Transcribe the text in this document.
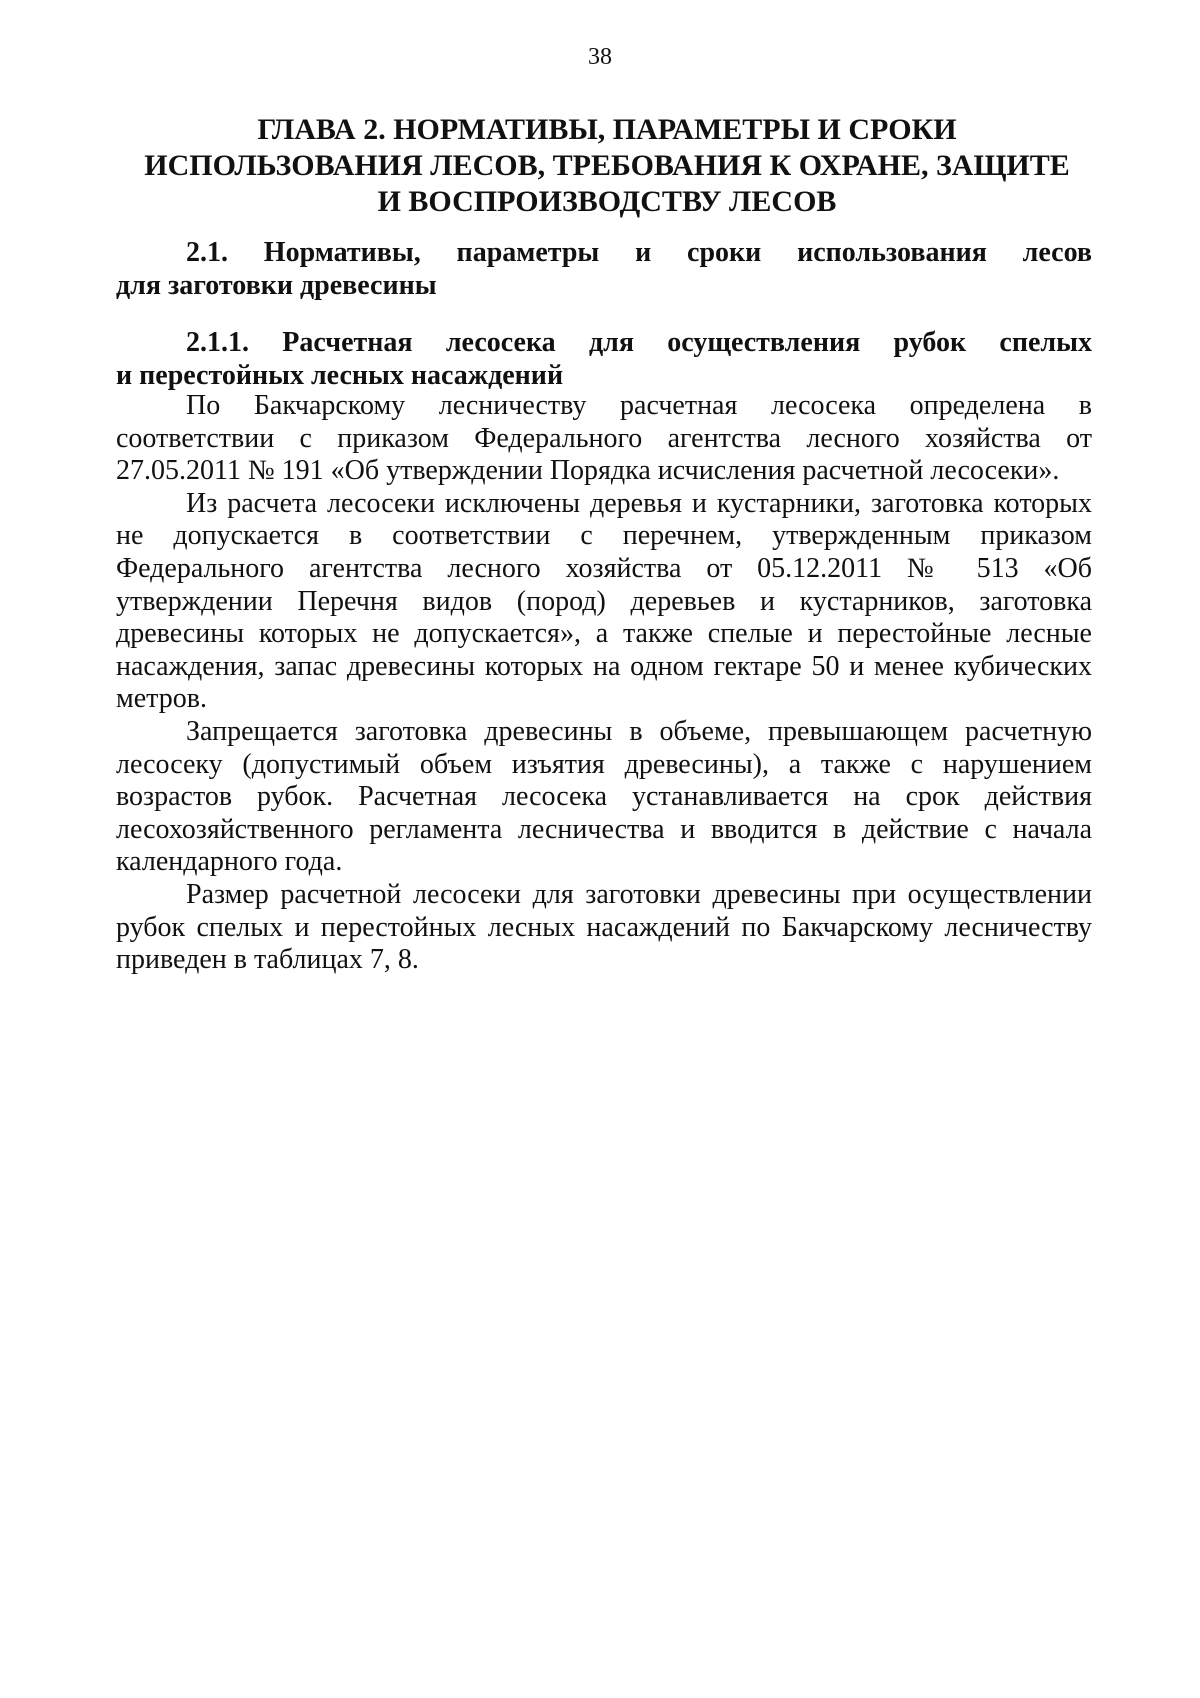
38
ГЛАВА 2. НОРМАТИВЫ, ПАРАМЕТРЫ И СРОКИ
ИСПОЛЬЗОВАНИЯ ЛЕСОВ, ТРЕБОВАНИЯ К ОХРАНЕ, ЗАЩИТЕ
И ВОСПРОИЗВОДСТВУ ЛЕСОВ
2.1. Нормативы, параметры и сроки использования лесов
для заготовки древесины
2.1.1. Расчетная лесосека для осуществления рубок спелых
и перестойных лесных насаждений

По Бакчарскому лесничеству расчетная лесосека определена в соответствии с приказом Федерального агентства лесного хозяйства от 27.05.2011 № 191 «Об утверждении Порядка исчисления расчетной лесосеки».

Из расчета лесосеки исключены деревья и кустарники, заготовка которых не допускается в соответствии с перечнем, утвержденным приказом Федерального агентства лесного хозяйства от 05.12.2011 № 513 «Об утверждении Перечня видов (пород) деревьев и кустарников, заготовка древесины которых не допускается», а также спелые и перестойные лесные насаждения, запас древесины которых на одном гектаре 50 и менее кубических метров.

Запрещается заготовка древесины в объеме, превышающем расчетную лесосеку (допустимый объем изъятия древесины), а также с нарушением возрастов рубок. Расчетная лесосека устанавливается на срок действия лесохозяйственного регламента лесничества и вводится в действие с начала календарного года.

Размер расчетной лесосеки для заготовки древесины при осуществлении рубок спелых и перестойных лесных насаждений по Бакчарскому лесничеству приведен в таблицах 7, 8.
